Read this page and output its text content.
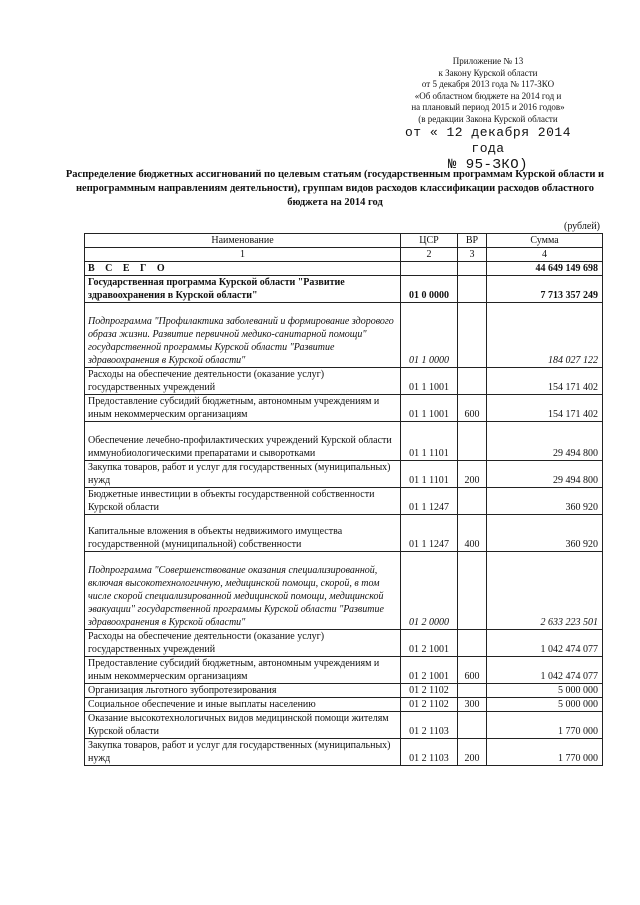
Приложение № 13
к Закону Курской области
от 5 декабря 2013 года № 117-ЗКО
«Об областном бюджете на 2014 год и
на плановый период 2015 и 2016 годов»
(в редакции Закона Курской области
от « 12 декабря 2014 года
№ 95-ЗКО)
Распределение бюджетных ассигнований по целевым статьям (государственным программам Курской области и непрограммным направлениям деятельности), группам видов расходов классификации расходов областного бюджета на 2014 год
(рублей)
Наименование	ЦСР	ВР	Сумма
1	2	3	4
В С Е Г О			44 649 149 698
Государственная программа Курской области "Развитие здравоохранения в Курской области"	01 0 0000		7 713 357 249
Подпрограмма "Профилактика заболеваний и формирование здорового образа жизни. Развитие первичной медико-санитарной помощи" государственной программы Курской области "Развитие здравоохранения в Курской области"	01 1 0000		184 027 122
Расходы на обеспечение деятельности (оказание услуг) государственных учреждений	01 1 1001		154 171 402
Предоставление субсидий бюджетным, автономным учреждениям и иным некоммерческим организациям	01 1 1001	600	154 171 402
Обеспечение лечебно-профилактических учреждений Курской области иммунобиологическими препаратами и сыворотками	01 1 1101		29 494 800
Закупка товаров, работ и услуг для государственных (муниципальных) нужд	01 1 1101	200	29 494 800
Бюджетные инвестиции в объекты государственной собственности Курской области	01 1 1247		360 920
Капитальные вложения в объекты недвижимого имущества государственной (муниципальной) собственности	01 1 1247	400	360 920
Подпрограмма "Совершенствование оказания специализированной, включая высокотехнологичную, медицинской помощи, скорой, в том числе скорой специализированной медицинской помощи, медицинской эвакуации" государственной программы Курской области "Развитие здравоохранения в Курской области"	01 2 0000		2 633 223 501
Расходы на обеспечение деятельности (оказание услуг) государственных учреждений	01 2 1001		1 042 474 077
Предоставление субсидий бюджетным, автономным учреждениям и иным некоммерческим организациям	01 2 1001	600	1 042 474 077
Организация льготного зубопротезирования	01 2 1102		5 000 000
Социальное обеспечение и иные выплаты населению	01 2 1102	300	5 000 000
Оказание высокотехнологичных видов медицинской помощи жителям Курской области	01 2 1103		1 770 000
Закупка товаров, работ и услуг для государственных (муниципальных) нужд	01 2 1103	200	1 770 000
